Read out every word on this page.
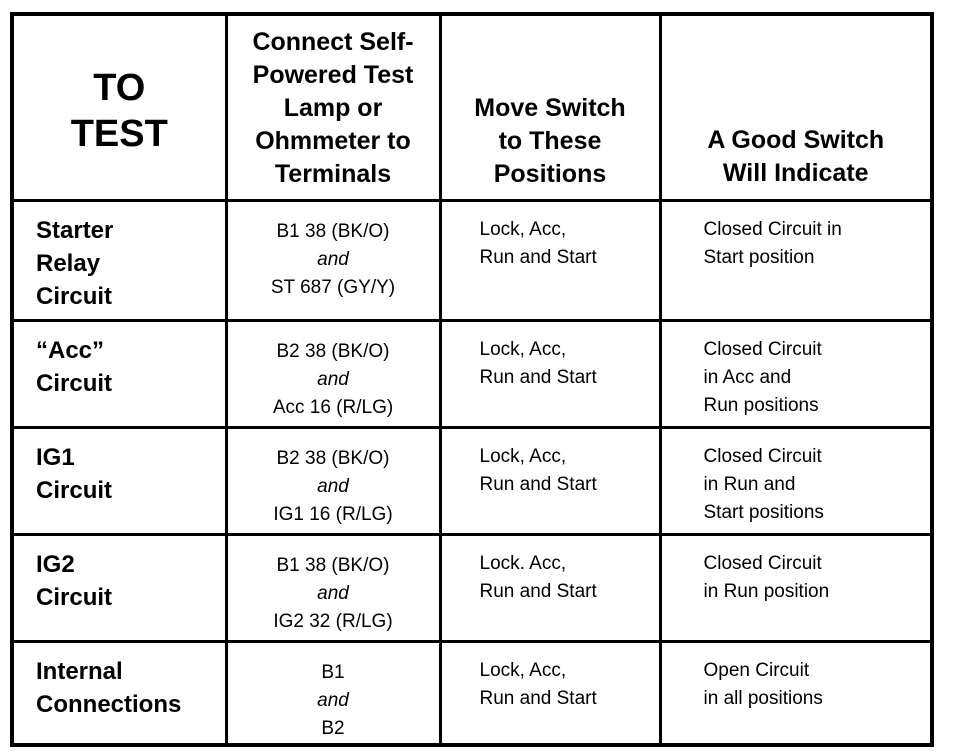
TO
TEST	Connect Self-
Powered Test
Lamp or
Ohmmeter to
Terminals	Move Switch
to These
Positions	A Good Switch
Will Indicate

Starter
Relay
Circuit	B1 38 (BK/O)
and
ST 687 (GY/Y)	Lock, Acc,
Run and Start	Closed Circuit in
Start position

“Acc”
Circuit	B2 38 (BK/O)
and
Acc 16 (R/LG)	Lock, Acc,
Run and Start	Closed Circuit
in Acc and
Run positions

IG1
Circuit	B2 38 (BK/O)
and
IG1 16 (R/LG)	Lock, Acc,
Run and Start	Closed Circuit
in Run and
Start positions

IG2
Circuit	B1 38 (BK/O)
and
IG2 32 (R/LG)	Lock. Acc,
Run and Start	Closed Circuit
in Run position

Internal
Connections	B1
and
B2	Lock, Acc,
Run and Start	Open Circuit
in all positions
